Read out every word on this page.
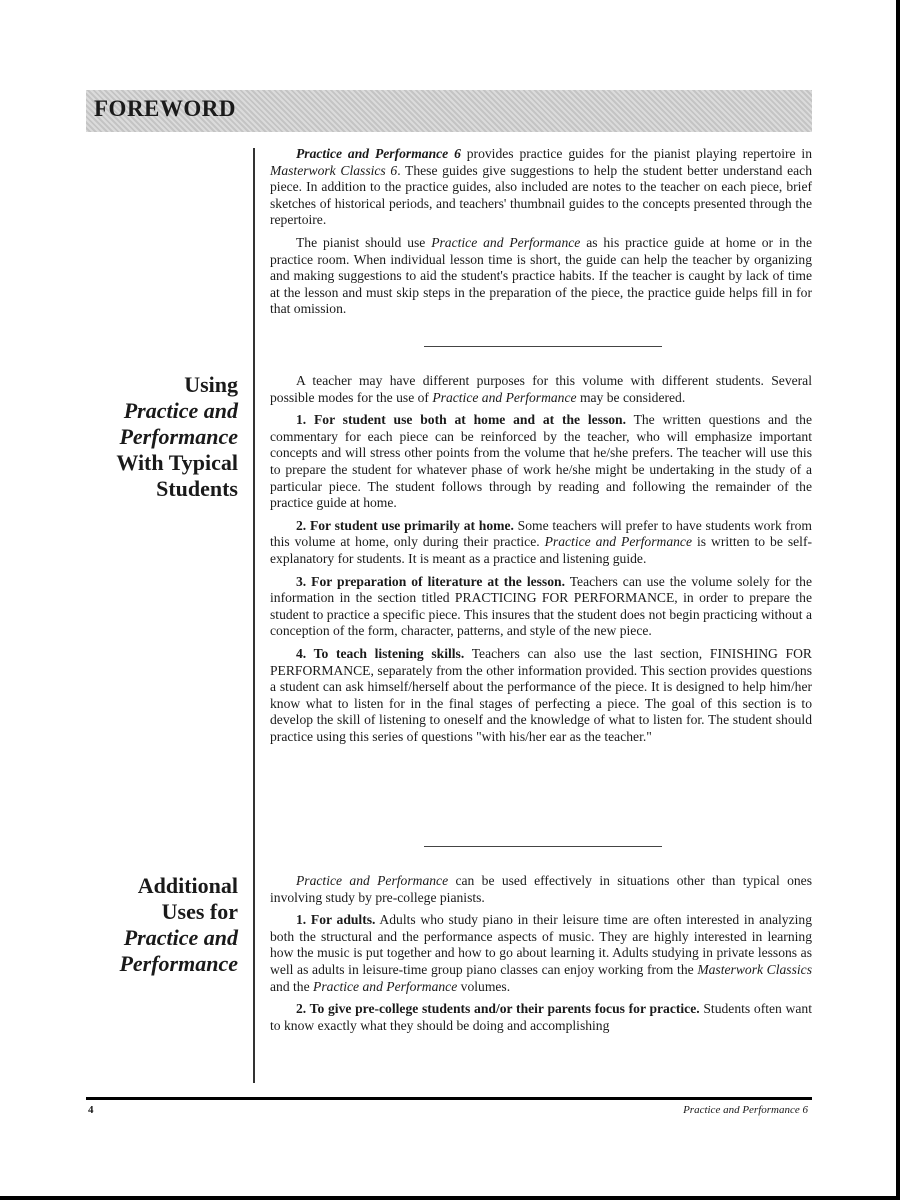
FOREWORD

Practice and Performance 6 provides practice guides for the pianist playing repertoire in Masterwork Classics 6. These guides give suggestions to help the student better understand each piece. In addition to the practice guides, also included are notes to the teacher on each piece, brief sketches of historical periods, and teachers' thumbnail guides to the concepts presented through the repertoire.

The pianist should use Practice and Performance as his practice guide at home or in the practice room. When individual lesson time is short, the guide can help the teacher by organizing and making suggestions to aid the student's practice habits. If the teacher is caught by lack of time at the lesson and must skip steps in the preparation of the piece, the practice guide helps fill in for that omission.

Using
Practice and
Performance
With Typical
Students

A teacher may have different purposes for this volume with different students. Several possible modes for the use of Practice and Performance may be considered.

1. For student use both at home and at the lesson. The written questions and the commentary for each piece can be reinforced by the teacher, who will emphasize important concepts and will stress other points from the volume that he/she prefers. The teacher will use this to prepare the student for whatever phase of work he/she might be undertaking in the study of a particular piece. The student follows through by reading and following the remainder of the practice guide at home.

2. For student use primarily at home. Some teachers will prefer to have students work from this volume at home, only during their practice. Practice and Performance is written to be self-explanatory for students. It is meant as a practice and listening guide.

3. For preparation of literature at the lesson. Teachers can use the volume solely for the information in the section titled PRACTICING FOR PERFORMANCE, in order to prepare the student to practice a specific piece. This insures that the student does not begin practicing without a conception of the form, character, patterns, and style of the new piece.

4. To teach listening skills. Teachers can also use the last section, FINISHING FOR PERFORMANCE, separately from the other information provided. This section provides questions a student can ask himself/herself about the performance of the piece. It is designed to help him/her know what to listen for in the final stages of perfecting a piece. The goal of this section is to develop the skill of listening to oneself and the knowledge of what to listen for. The student should practice using this series of questions "with his/her ear as the teacher."

Additional
Uses for
Practice and
Performance

Practice and Performance can be used effectively in situations other than typical ones involving study by pre-college pianists.

1. For adults. Adults who study piano in their leisure time are often interested in analyzing both the structural and the performance aspects of music. They are highly interested in learning how the music is put together and how to go about learning it. Adults studying in private lessons as well as adults in leisure-time group piano classes can enjoy working from the Masterwork Classics and the Practice and Performance volumes.

2. To give pre-college students and/or their parents focus for practice. Students often want to know exactly what they should be doing and accomplishing

4	Practice and Performance 6
